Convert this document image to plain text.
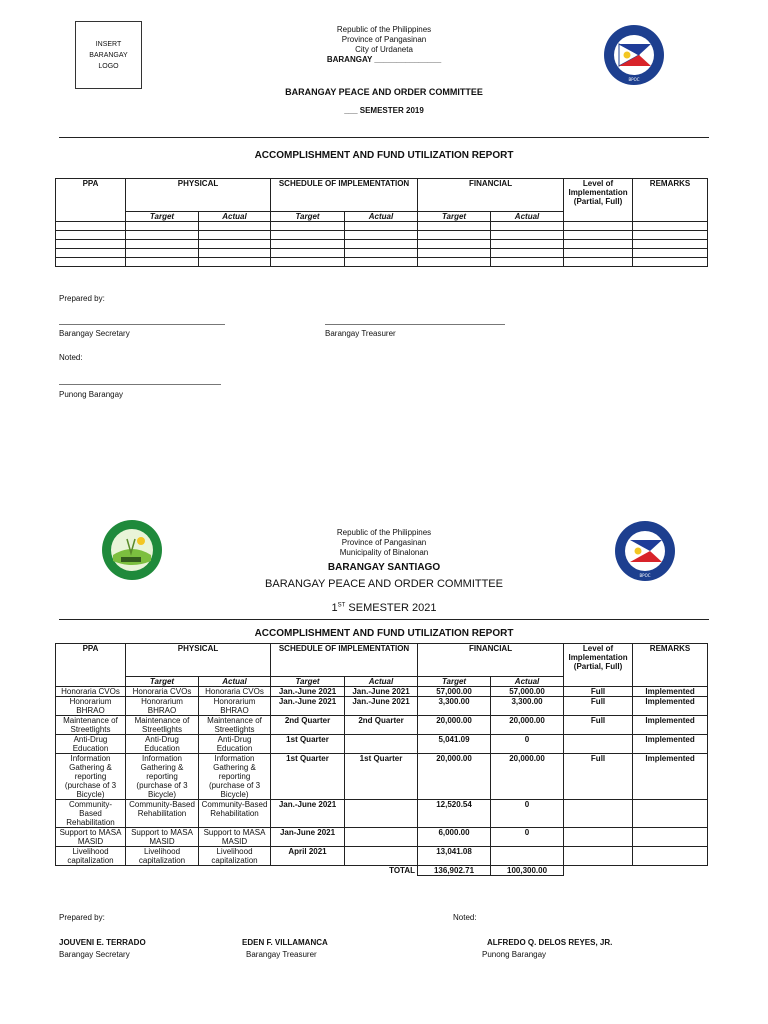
INSERT
BARANGAY
LOGO
Republic of the Philippines
Province of Pangasinan
City of Urdaneta
BARANGAY _______________
BPOC
BARANGAY PEACE AND ORDER COMMITTEE
___ SEMESTER 2019
ACCOMPLISHMENT AND FUND UTILIZATION REPORT
PPA	PHYSICAL		SCHEDULE OF IMPLEMENTATION		FINANCIAL		Level of Implementation (Partial, Full)	REMARKS
	Target	Actual	Target	Actual	Target	Actual		

Prepared by:
Barangay Secretary	Barangay Treasurer
Noted:
Punong Barangay
Republic of the Philippines
Province of Pangasinan
Municipality of Binalonan
BPOC
BARANGAY SANTIAGO
BARANGAY PEACE AND ORDER COMMITTEE
1ST SEMESTER 2021
ACCOMPLISHMENT AND FUND UTILIZATION REPORT
PPA	PHYSICAL		SCHEDULE OF IMPLEMENTATION		FINANCIAL		Level of Implementation (Partial, Full)	REMARKS
	Target	Actual	Target	Actual	Target	Actual		
Honoraria CVOs	Honoraria CVOs	Honoraria CVOs	Jan.-June 2021	Jan.-June 2021	57,000.00	57,000.00	Full	Implemented
Honorarium BHRAO	Honorarium BHRAO	Honorarium BHRAO	Jan.-June 2021	Jan.-June 2021	3,300.00	3,300.00	Full	Implemented
Maintenance of Streetlights	Maintenance of Streetlights	Maintenance of Streetlights	2nd Quarter	2nd Quarter	20,000.00	20,000.00	Full	Implemented
Anti-Drug Education	Anti-Drug Education	Anti-Drug Education	1st Quarter		5,041.09	0		Implemented
Information Gathering & reporting (purchase of 3 Bicycle)	Information Gathering & reporting (purchase of 3 Bicycle)	Information Gathering & reporting (purchase of 3 Bicycle)	1st Quarter	1st Quarter	20,000.00	20,000.00	Full	Implemented
Community-Based Rehabilitation	Community-Based Rehabilitation	Community-Based Rehabilitation	Jan.-June 2021		12,520.54	0		
Support to MASA MASID	Support to MASA MASID	Support to MASA MASID	Jan-June 2021		6,000.00	0		
Livelihood capitalization	Livelihood capitalization	Livelihood capitalization	April 2021		13,041.08			
				TOTAL	136,902.71	100,300.00		
Prepared by:	Noted:
JOUVENI E. TERRADO
Barangay Secretary
EDEN F. VILLAMANCA
Barangay Treasurer
ALFREDO Q. DELOS REYES, JR.
Punong Barangay
